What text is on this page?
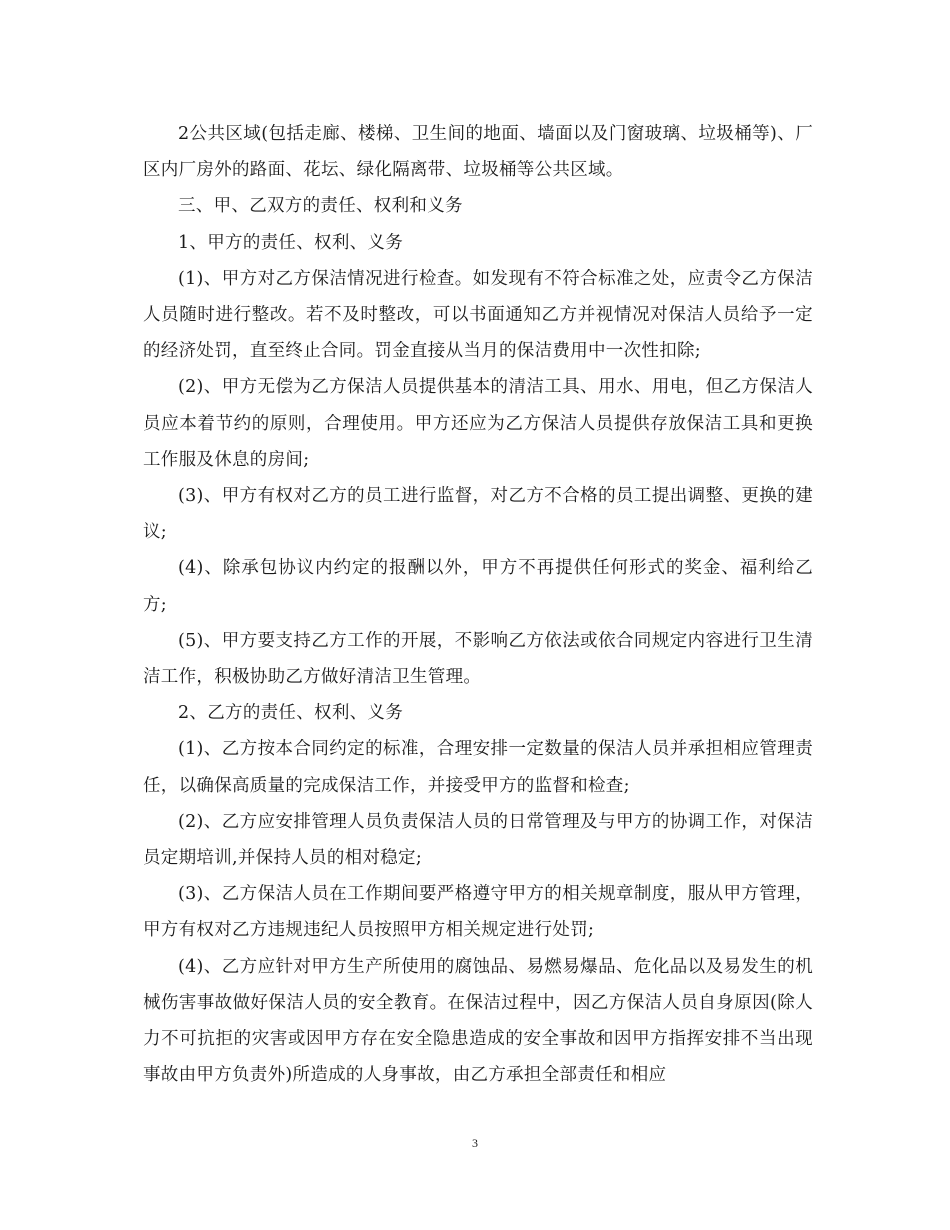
2公共区域(包括走廊、楼梯、卫生间的地面、墙面以及门窗玻璃、垃圾桶等)、厂区内厂房外的路面、花坛、绿化隔离带、垃圾桶等公共区域。

三、甲、乙双方的责任、权利和义务

1、甲方的责任、权利、义务

(1)、甲方对乙方保洁情况进行检查。如发现有不符合标准之处，应责令乙方保洁人员随时进行整改。若不及时整改，可以书面通知乙方并视情况对保洁人员给予一定的经济处罚，直至终止合同。罚金直接从当月的保洁费用中一次性扣除;

(2)、甲方无偿为乙方保洁人员提供基本的清洁工具、用水、用电，但乙方保洁人员应本着节约的原则，合理使用。甲方还应为乙方保洁人员提供存放保洁工具和更换工作服及休息的房间;

(3)、甲方有权对乙方的员工进行监督，对乙方不合格的员工提出调整、更换的建议;

(4)、除承包协议内约定的报酬以外，甲方不再提供任何形式的奖金、福利给乙方;

(5)、甲方要支持乙方工作的开展，不影响乙方依法或依合同规定内容进行卫生清洁工作，积极协助乙方做好清洁卫生管理。

2、乙方的责任、权利、义务

(1)、乙方按本合同约定的标准，合理安排一定数量的保洁人员并承担相应管理责任，以确保高质量的完成保洁工作，并接受甲方的监督和检查;

(2)、乙方应安排管理人员负责保洁人员的日常管理及与甲方的协调工作，对保洁员定期培训,并保持人员的相对稳定;

(3)、乙方保洁人员在工作期间要严格遵守甲方的相关规章制度，服从甲方管理，甲方有权对乙方违规违纪人员按照甲方相关规定进行处罚;

(4)、乙方应针对甲方生产所使用的腐蚀品、易燃易爆品、危化品以及易发生的机械伤害事故做好保洁人员的安全教育。在保洁过程中，因乙方保洁人员自身原因(除人力不可抗拒的灾害或因甲方存在安全隐患造成的安全事故和因甲方指挥安排不当出现事故由甲方负责外)所造成的人身事故，由乙方承担全部责任和相应

3
